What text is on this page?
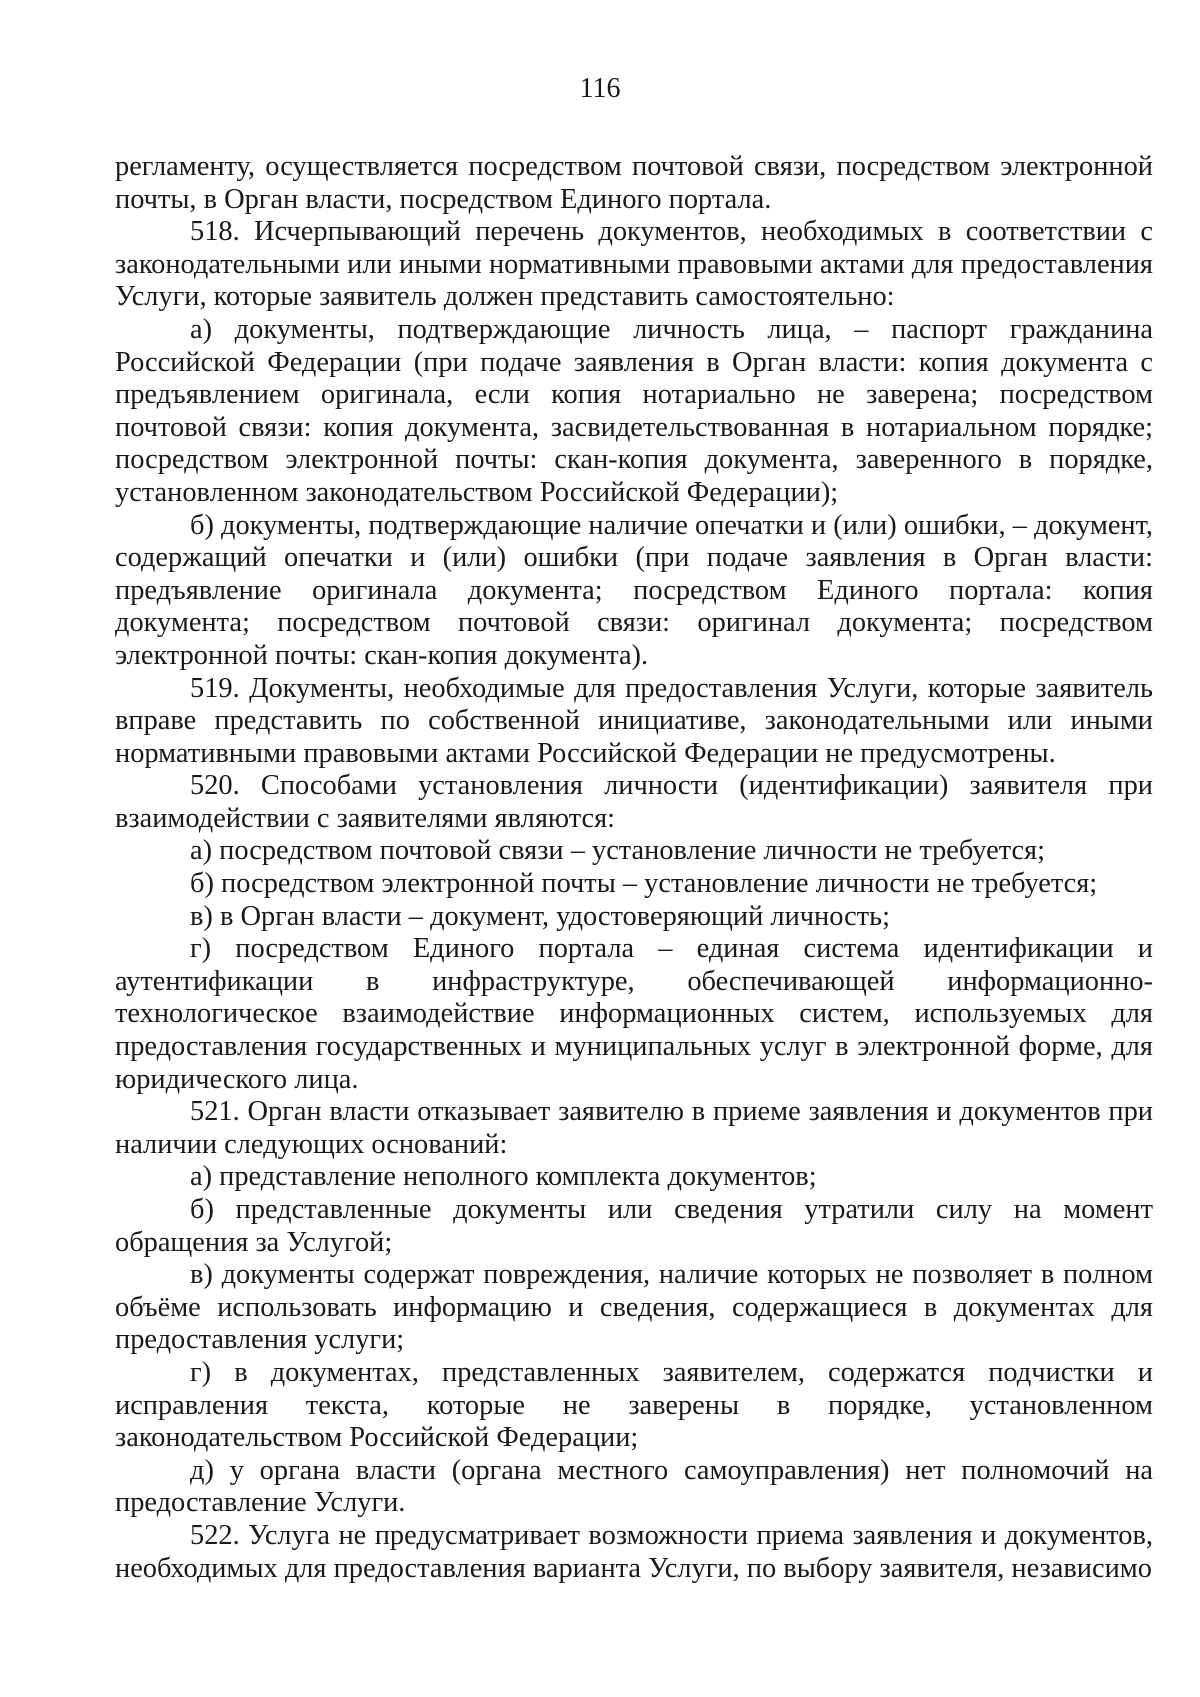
116

регламенту, осуществляется посредством почтовой связи, посредством электронной почты, в Орган власти, посредством Единого портала.

518. Исчерпывающий перечень документов, необходимых в соответствии с законодательными или иными нормативными правовыми актами для предоставления Услуги, которые заявитель должен представить самостоятельно:

а) документы, подтверждающие личность лица, – паспорт гражданина Российской Федерации (при подаче заявления в Орган власти: копия документа с предъявлением оригинала, если копия нотариально не заверена; посредством почтовой связи: копия документа, засвидетельствованная в нотариальном порядке; посредством электронной почты: скан-копия документа, заверенного в порядке, установленном законодательством Российской Федерации);

б) документы, подтверждающие наличие опечатки и (или) ошибки, – документ, содержащий опечатки и (или) ошибки (при подаче заявления в Орган власти: предъявление оригинала документа; посредством Единого портала: копия документа; посредством почтовой связи: оригинал документа; посредством электронной почты: скан-копия документа).

519. Документы, необходимые для предоставления Услуги, которые заявитель вправе представить по собственной инициативе, законодательными или иными нормативными правовыми актами Российской Федерации не предусмотрены.

520. Способами установления личности (идентификации) заявителя при взаимодействии с заявителями являются:

а) посредством почтовой связи – установление личности не требуется;

б) посредством электронной почты – установление личности не требуется;

в) в Орган власти – документ, удостоверяющий личность;

г) посредством Единого портала – единая система идентификации и аутентификации в инфраструктуре, обеспечивающей информационно-технологическое взаимодействие информационных систем, используемых для предоставления государственных и муниципальных услуг в электронной форме, для юридического лица.

521. Орган власти отказывает заявителю в приеме заявления и документов при наличии следующих оснований:

а) представление неполного комплекта документов;

б) представленные документы или сведения утратили силу на момент обращения за Услугой;

в) документы содержат повреждения, наличие которых не позволяет в полном объёме использовать информацию и сведения, содержащиеся в документах для предоставления услуги;

г) в документах, представленных заявителем, содержатся подчистки и исправления текста, которые не заверены в порядке, установленном законодательством Российской Федерации;

д) у органа власти (органа местного самоуправления) нет полномочий на предоставление Услуги.

522. Услуга не предусматривает возможности приема заявления и документов, необходимых для предоставления варианта Услуги, по выбору заявителя, независимо
